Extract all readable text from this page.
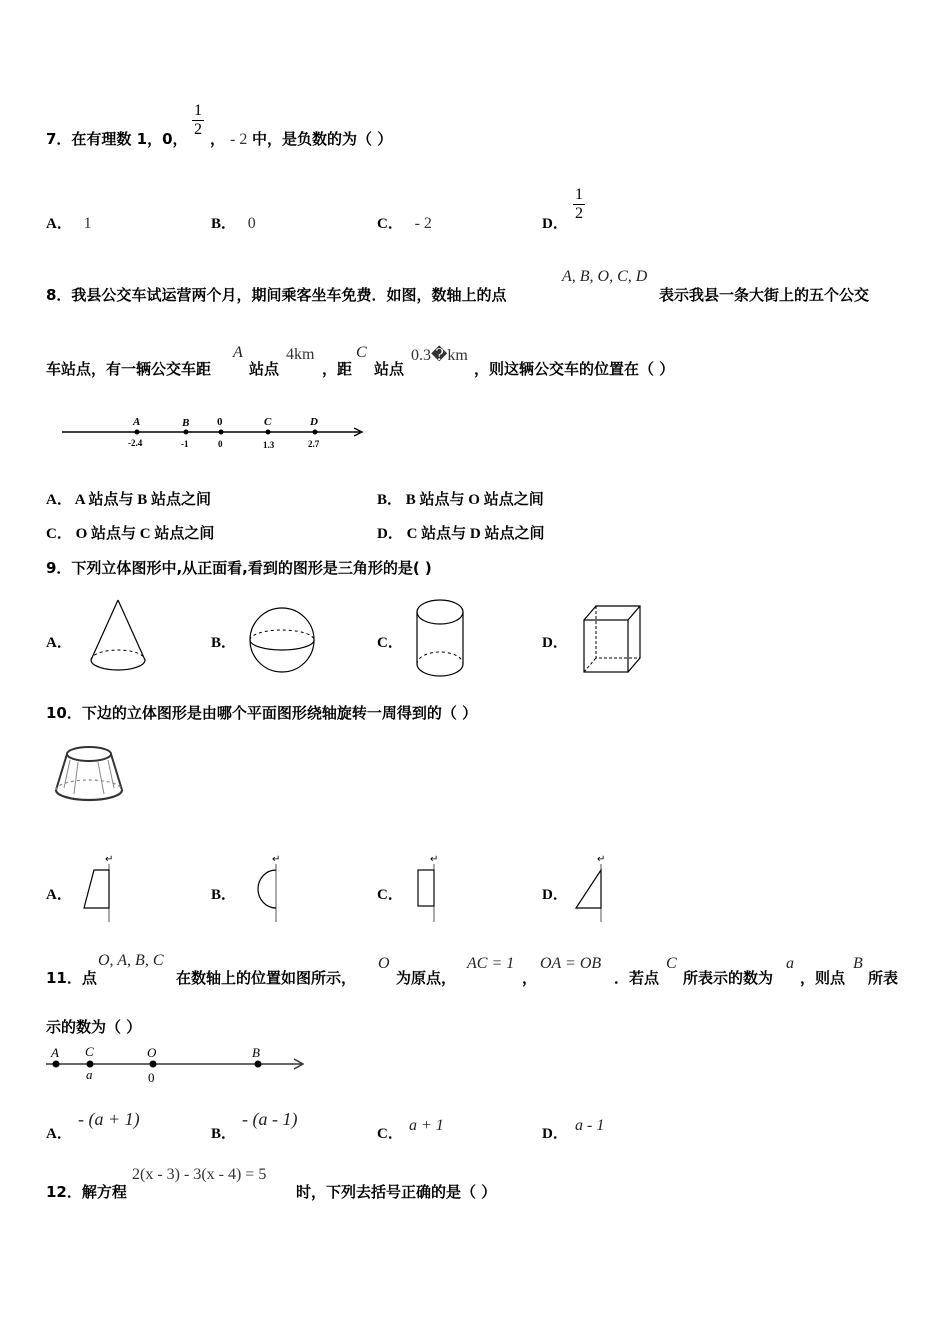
7．在有理数 1，0， $\frac{1}{2}$ ， - 2 中，是负数的为（ ）
A． 1	B． 0	C． - 2	D．
$\frac{1}{2}$
8．我县公交车试运营两个月，期间乘客坐车免费．如图，数轴上的点
A, B, O, C, D
表示我县一条大街上的五个公交
车站点，有一辆公交车距
A
站点
4km
，距
C
站点
0.3�km
，则这辆公交车的位置在（ ）
A	B	0	C	D
-2.4	-1	0	1.3	2.7
A． A 站点与 B 站点之间	B． B 站点与 O 站点之间
C． O 站点与 C 站点之间	D． C 站点与 D 站点之间
9．下列立体图形中,从正面看,看到的图形是三角形的是( )
A．	B．	C．	D．
10．下边的立体图形是由哪个平面图形绕轴旋转一周得到的（ ）
A．
↵
B．
↵
C．
↵
D．
↵
11．点
O, A, B, C
在数轴上的位置如图所示，
O
为原点，
AC = 1
，
OA = OB
．若点
C
所表示的数为
a
，则点
B
所表
示的数为（ ）
A C	O	B
a	0
A．
- (a + 1)
B．
- (a - 1)
C． a + 1	D． a - 1
12．解方程
2(x - 3) - 3(x - 4) = 5
时，下列去括号正确的是（ ）
